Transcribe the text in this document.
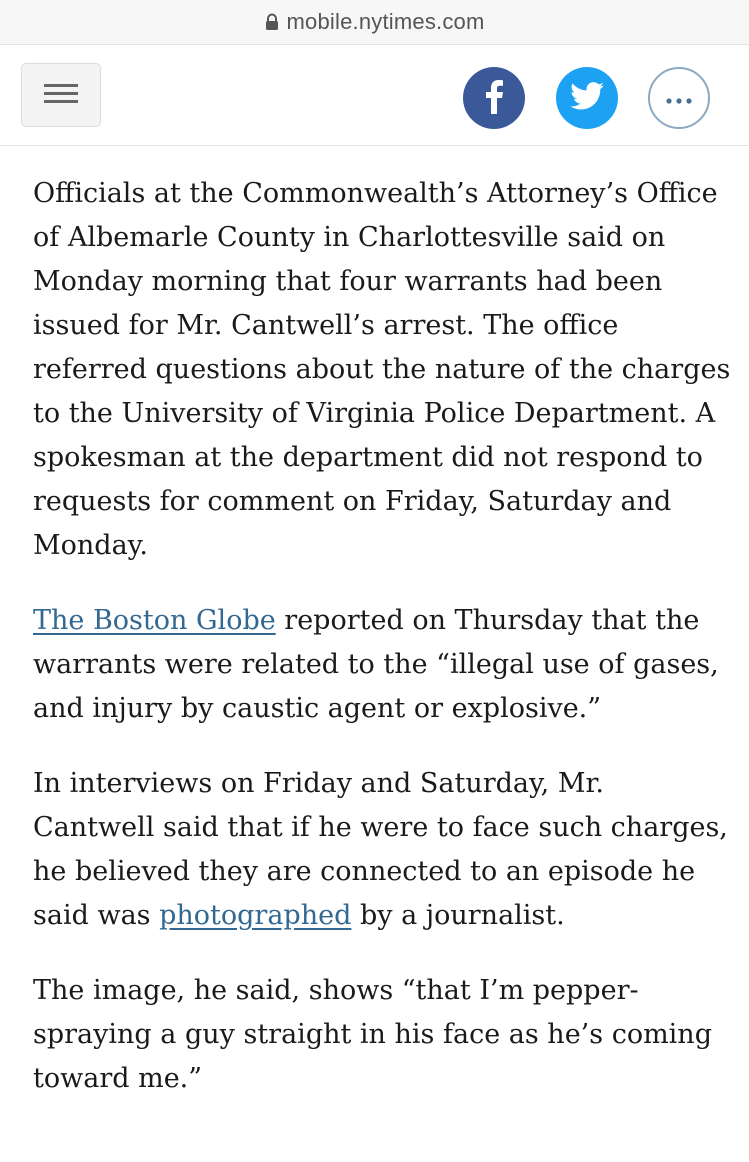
mobile.nytimes.com

Officials at the Commonwealth’s Attorney’s Office of Albemarle County in Charlottesville said on Monday morning that four warrants had been issued for Mr. Cantwell’s arrest. The office referred questions about the nature of the charges to the University of Virginia Police Department. A spokesman at the department did not respond to requests for comment on Friday, Saturday and Monday.

The Boston Globe reported on Thursday that the warrants were related to the “illegal use of gases, and injury by caustic agent or explosive.”

In interviews on Friday and Saturday, Mr. Cantwell said that if he were to face such charges, he believed they are connected to an episode he said was photographed by a journalist.

The image, he said, shows “that I’m pepper-spraying a guy straight in his face as he’s coming toward me.”
